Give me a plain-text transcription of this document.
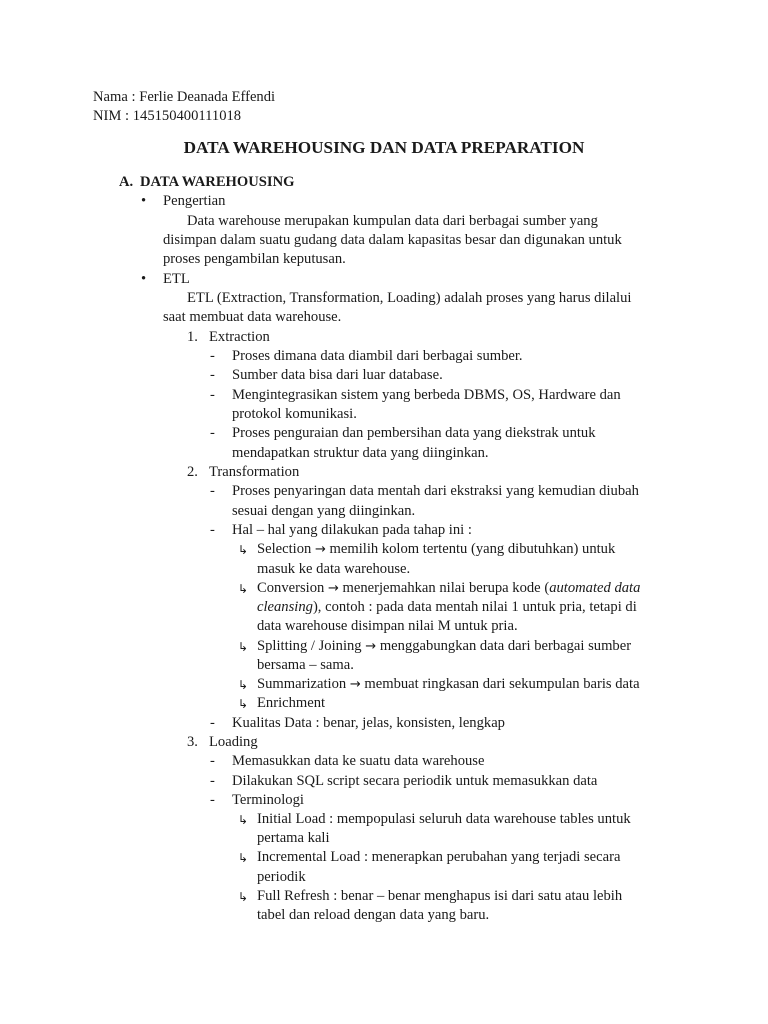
Nama : Ferlie Deanada Effendi
NIM : 145150400111018
DATA WAREHOUSING DAN DATA PREPARATION
A. DATA WAREHOUSING
• Pengertian
Data warehouse merupakan kumpulan data dari berbagai sumber yang
disimpan dalam suatu gudang data dalam kapasitas besar dan digunakan untuk
proses pengambilan keputusan.
• ETL
ETL (Extraction, Transformation, Loading) adalah proses yang harus dilalui
saat membuat data warehouse.
1. Extraction
- Proses dimana data diambil dari berbagai sumber.
- Sumber data bisa dari luar database.
- Mengintegrasikan sistem yang berbeda DBMS, OS, Hardware dan
protokol komunikasi.
- Proses penguraian dan pembersihan data yang diekstrak untuk
mendapatkan struktur data yang diinginkan.
2. Transformation
- Proses penyaringan data mentah dari ekstraksi yang kemudian diubah
sesuai dengan yang diinginkan.
- Hal – hal yang dilakukan pada tahap ini :
↳ Selection → memilih kolom tertentu (yang dibutuhkan) untuk
masuk ke data warehouse.
↳ Conversion → menerjemahkan nilai berupa kode (automated data
cleansing), contoh : pada data mentah nilai 1 untuk pria, tetapi di
data warehouse disimpan nilai M untuk pria.
↳ Splitting / Joining → menggabungkan data dari berbagai sumber
bersama – sama.
↳ Summarization → membuat ringkasan dari sekumpulan baris data
↳ Enrichment
- Kualitas Data : benar, jelas, konsisten, lengkap
3. Loading
- Memasukkan data ke suatu data warehouse
- Dilakukan SQL script secara periodik untuk memasukkan data
- Terminologi
↳ Initial Load : mempopulasi seluruh data warehouse tables untuk
pertama kali
↳ Incremental Load : menerapkan perubahan yang terjadi secara
periodik
↳ Full Refresh : benar – benar menghapus isi dari satu atau lebih
tabel dan reload dengan data yang baru.
